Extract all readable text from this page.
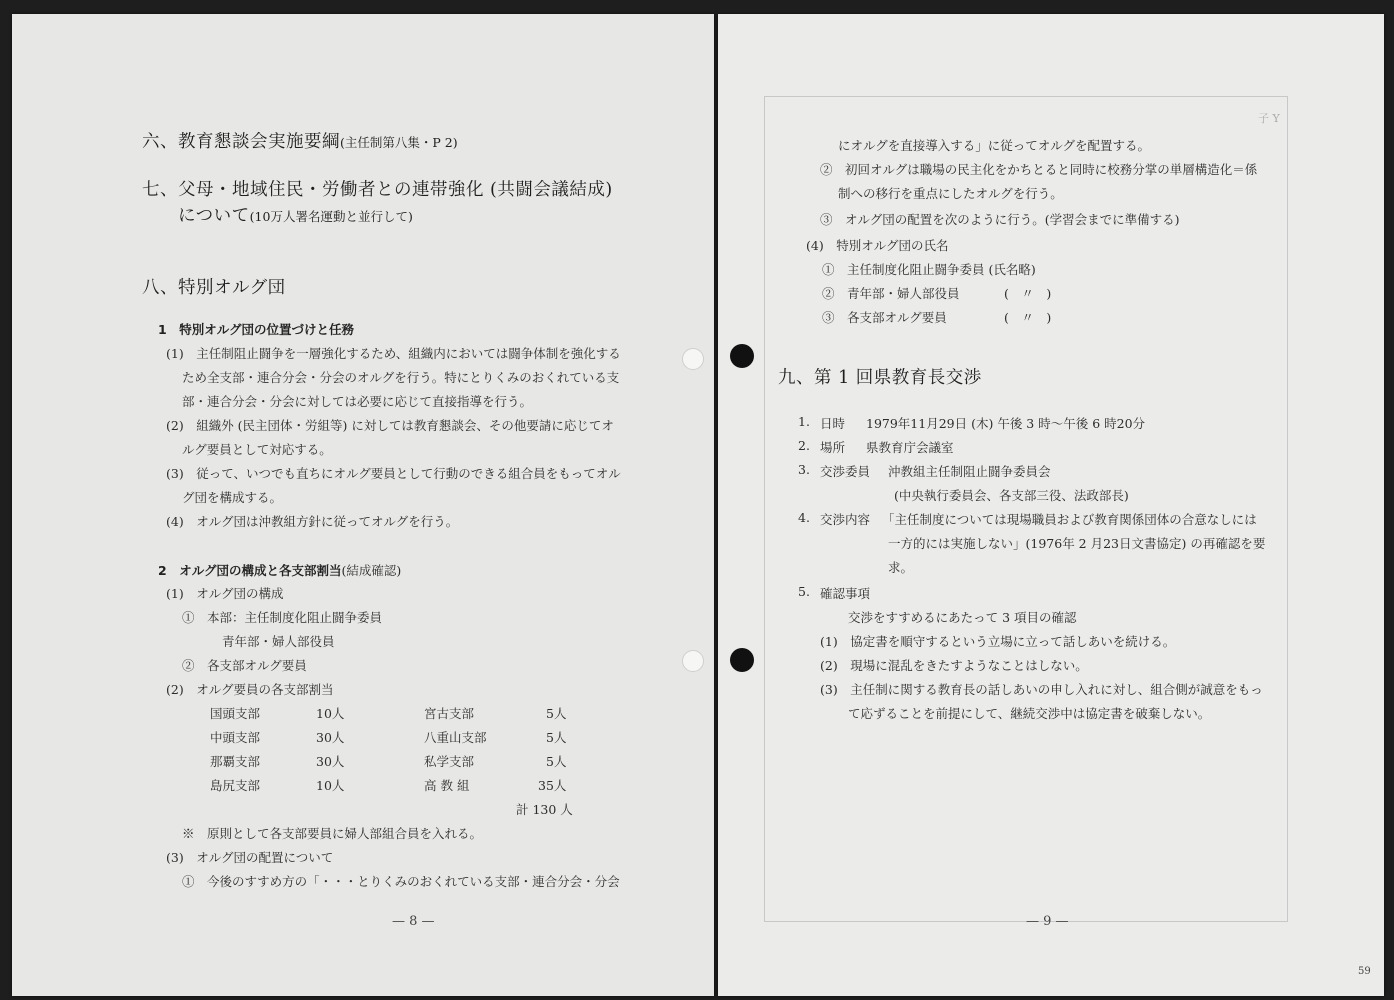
六、教育懇談会実施要綱(主任制第八集・P 2)
七、父母・地域住民・労働者との連帯強化 (共闘会議結成)
について(10万人署名運動と並行して)
八、特別オルグ団
1　特別オルグ団の位置づけと任務
(1)　主任制阻止闘争を一層強化するため、組織内においては闘争体制を強化する
ため全支部・連合分会・分会のオルグを行う。特にとりくみのおくれている支
部・連合分会・分会に対しては必要に応じて直接指導を行う。
(2)　組織外 (民主団体・労組等) に対しては教育懇談会、その他要請に応じてオ
ルグ要員として対応する。
(3)　従って、いつでも直ちにオルグ要員として行動のできる組合員をもってオル
グ団を構成する。
(4)　オルグ団は沖教組方針に従ってオルグを行う。
2　オルグ団の構成と各支部割当(結成確認)
(1)　オルグ団の構成
①　本部：主任制度化阻止闘争委員
青年部・婦人部役員
②　各支部オルグ要員
(2)　オルグ要員の各支部割当
国頭支部	10人	宮古支部	5人
中頭支部	30人	八重山支部	5人
那覇支部	30人	私学支部	5人
島尻支部	10人	高 教 組	35人
計 130 人
※　原則として各支部要員に婦人部組合員を入れる。
(3)　オルグ団の配置について
①　今後のすすめ方の「・・・とりくみのおくれている支部・連合分会・分会
— 8 —
子 Y
にオルグを直接導入する」に従ってオルグを配置する。
②　初回オルグは職場の民主化をかちとると同時に校務分掌の単層構造化＝係
制への移行を重点にしたオルグを行う。
③　オルグ団の配置を次のように行う。(学習会までに準備する)
(4)　特別オルグ団の氏名
①　主任制度化阻止闘争委員 (氏名略)
②　青年部・婦人部役員	(　〃　)
③　各支部オルグ要員	(　〃　)
九、第 1 回県教育長交渉
1. 日時 1979年11月29日 (木) 午後 3 時〜午後 6 時20分
2. 場所 県教育庁会議室
3. 交渉委員 沖教組主任制阻止闘争委員会
(中央執行委員会、各支部三役、法政部長)
4. 交渉内容 「主任制度については現場職員および教育関係団体の合意なしには
一方的には実施しない」(1976年 2 月23日文書協定) の再確認を要
求。
5. 確認事項
交渉をすすめるにあたって 3 項目の確認
(1)　協定書を順守するという立場に立って話しあいを続ける。
(2)　現場に混乱をきたすようなことはしない。
(3)　主任制に関する教育長の話しあいの申し入れに対し、組合側が誠意をもっ
て応ずることを前提にして、継続交渉中は協定書を破棄しない。
— 9 —
59
